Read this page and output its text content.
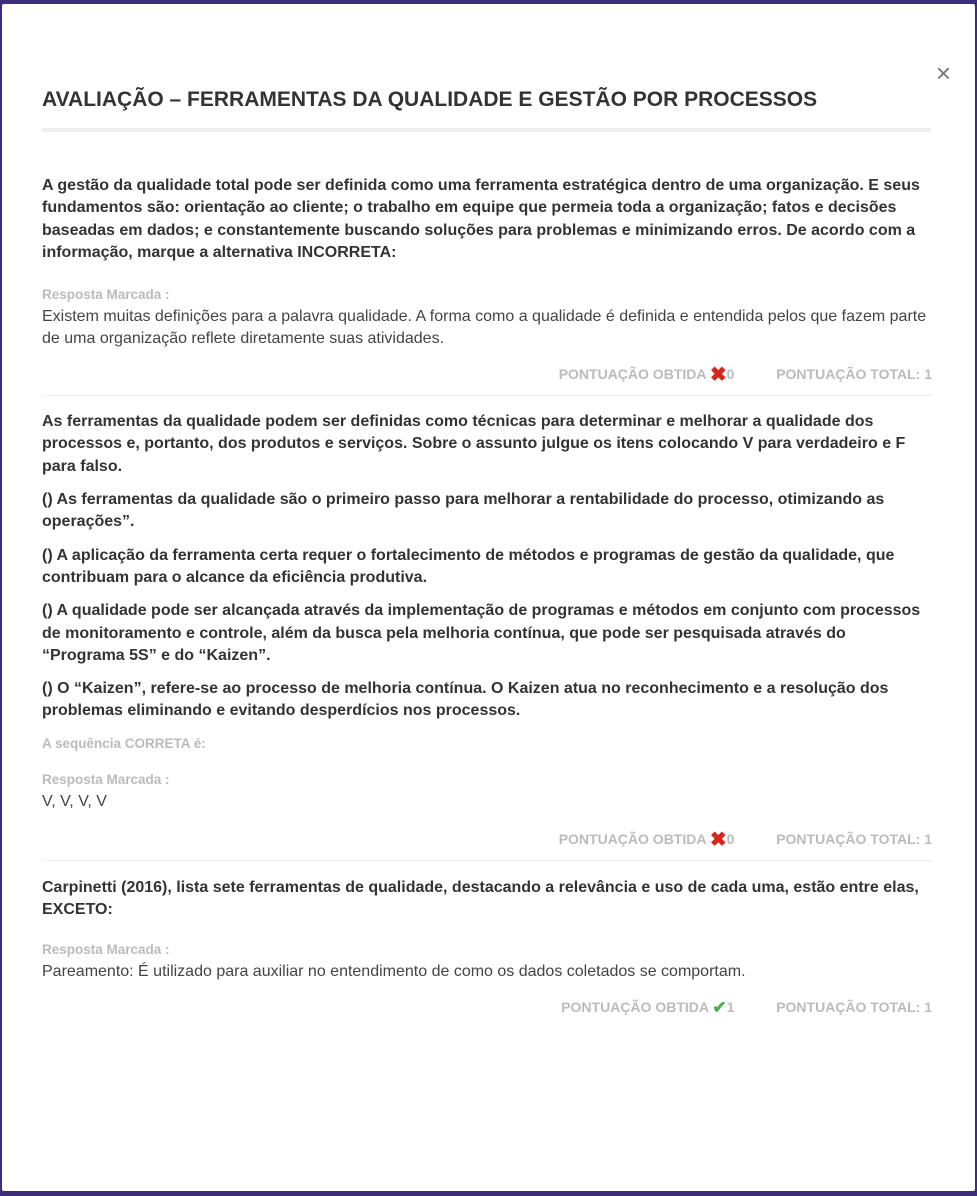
×
AVALIAÇÃO – FERRAMENTAS DA QUALIDADE E GESTÃO POR PROCESSOS

A gestão da qualidade total pode ser definida como uma ferramenta estratégica dentro de uma organização. E seus fundamentos são: orientação ao cliente; o trabalho em equipe que permeia toda a organização; fatos e decisões baseadas em dados; e constantemente buscando soluções para problemas e minimizando erros. De acordo com a informação, marque a alternativa INCORRETA:

Resposta Marcada :
Existem muitas definições para a palavra qualidade. A forma como a qualidade é definida e entendida pelos que fazem parte de uma organização reflete diretamente suas atividades.
PONTUAÇÃO OBTIDA ✖0	PONTUAÇÃO TOTAL: 1

As ferramentas da qualidade podem ser definidas como técnicas para determinar e melhorar a qualidade dos processos e, portanto, dos produtos e serviços. Sobre o assunto julgue os itens colocando V para verdadeiro e F para falso.

() As ferramentas da qualidade são o primeiro passo para melhorar a rentabilidade do processo, otimizando as operações”.

() A aplicação da ferramenta certa requer o fortalecimento de métodos e programas de gestão da qualidade, que contribuam para o alcance da eficiência produtiva.

() A qualidade pode ser alcançada através da implementação de programas e métodos em conjunto com processos de monitoramento e controle, além da busca pela melhoria contínua, que pode ser pesquisada através do “Programa 5S” e do “Kaizen”.

() O “Kaizen”, refere-se ao processo de melhoria contínua. O Kaizen atua no reconhecimento e a resolução dos problemas eliminando e evitando desperdícios nos processos.

A sequência CORRETA é:
Resposta Marcada :
V, V, V, V
PONTUAÇÃO OBTIDA ✖0	PONTUAÇÃO TOTAL: 1

Carpinetti (2016), lista sete ferramentas de qualidade, destacando a relevância e uso de cada uma, estão entre elas, EXCETO:

Resposta Marcada :
Pareamento: É utilizado para auxiliar no entendimento de como os dados coletados se comportam.
PONTUAÇÃO OBTIDA ✔1	PONTUAÇÃO TOTAL: 1
